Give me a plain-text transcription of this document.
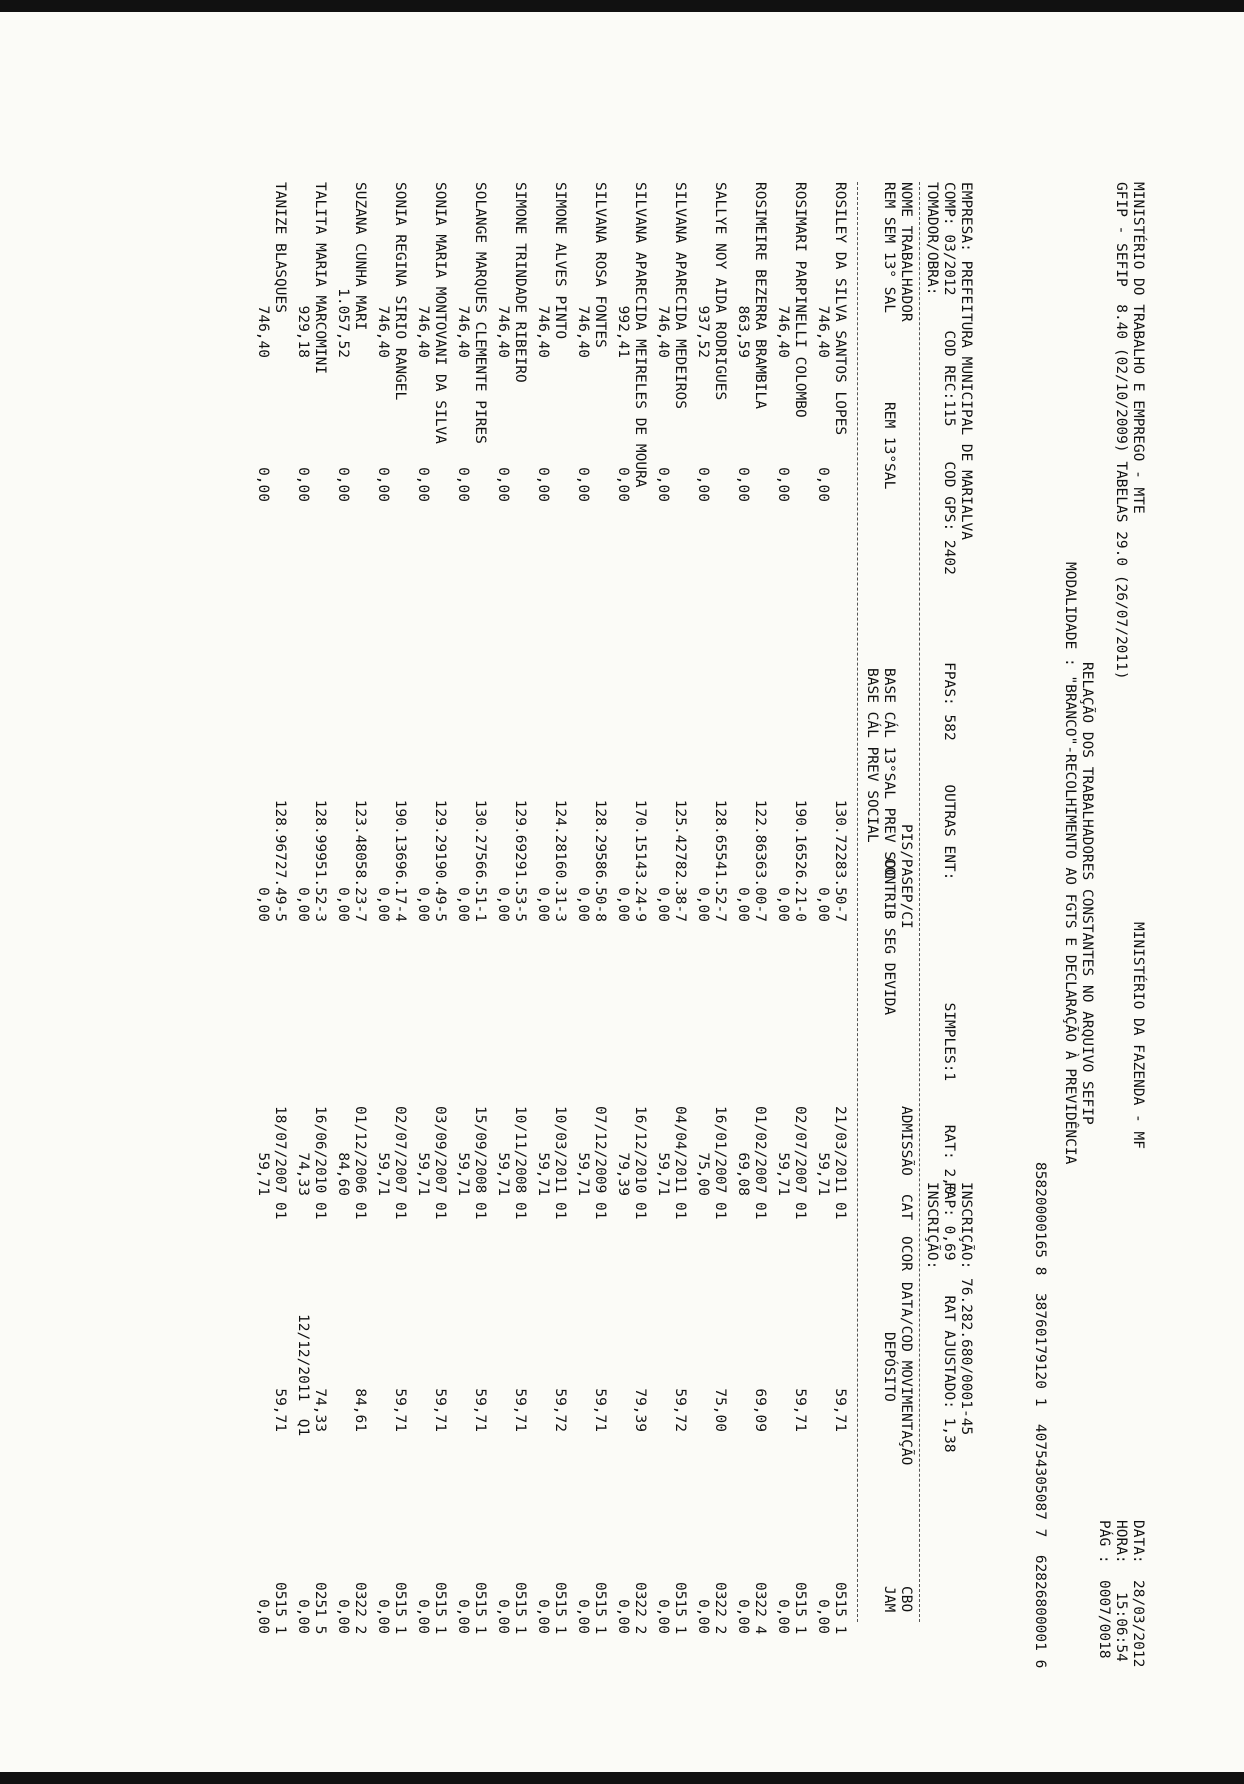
MINISTÉRIO DO TRABALHO E EMPREGO - MTE
GFIP - SEFIP  8.40 (02/10/2009) TABELAS 29.0 (26/07/2011)
MINISTÉRIO DA FAZENDA - MF
DATA:
28/03/2012
HORA:
15:06:54
PÁG :
0007/0018
RELAÇÃO DOS TRABALHADORES CONSTANTES NO ARQUIVO SEFIP
MODALIDADE : "BRANCO"-RECOLHIMENTO AO FGTS E DECLARAÇÃO À PREVIDÊNCIA
85820000165 8  38760179120 1  40754305087 7  62826800001 6
EMPRESA: PREFEITURA MUNICIPAL DE MARIALVA
INSCRIÇÃO: 76.282.680/0001-45
COMP: 03/2012    COD REC:115    COD GPS: 2402          FPAS: 582     OUTRAS ENT:              SIMPLES:1     RAT: 2,0
FAP: 0,69    RAT AJUSTADO: 1,38
TOMADOR/OBRA:
INSCRIÇÃO:
NOME TRABALHADOR
PIS/PASEP/CI
ADMISSÃO
CAT
OCOR
DATA/COD MOVIMENTAÇÃO
CBO
REM SEM 13° SAL
REM 13°SAL
BASE CÁL 13°SAL PREV SOC
CONTRIB SEG DEVIDA
DEPÓSITO
JAM
BASE CÁL PREV SOCIAL
ROSILEY DA SILVA SANTOS LOPES
746,40
0,00
130.72283.50-7
0,00
21/03/2011
59,71
01
59,71
0515 1
0,00
ROSIMARI PARPINELLI COLOMBO
746,40
0,00
190.16526.21-0
0,00
02/07/2007
59,71
01
59,71
0515 1
0,00
ROSIMEIRE BEZERRA BRAMBILA
863,59
0,00
122.86363.00-7
0,00
01/02/2007
69,08
01
69,09
0322 4
0,00
SALLYE NOY AIDA RODRIGUES
937,52
0,00
128.65541.52-7
0,00
16/01/2007
75,00
01
75,00
0322 2
0,00
SILVANA APARECIDA MEDEIROS
746,40
0,00
125.42782.38-7
0,00
04/04/2011
59,71
01
59,72
0515 1
0,00
SILVANA APARECIDA MEIRELES DE MOURA
992,41
0,00
170.15143.24-9
0,00
16/12/2010
79,39
01
79,39
0322 2
0,00
SILVANA ROSA FONTES
746,40
0,00
128.29586.50-8
0,00
07/12/2009
59,71
01
59,71
0515 1
0,00
SIMONE ALVES PINTO
746,40
0,00
124.28160.31-3
0,00
10/03/2011
59,71
01
59,72
0515 1
0,00
SIMONE TRINDADE RIBEIRO
746,40
0,00
129.69291.53-5
0,00
10/11/2008
59,71
01
59,71
0515 1
0,00
SOLANGE MARQUES CLEMENTE PIRES
746,40
0,00
130.27566.51-1
0,00
15/09/2008
59,71
01
59,71
0515 1
0,00
SONIA MARIA MONTOVANI DA SILVA
746,40
0,00
129.29190.49-5
0,00
03/09/2007
59,71
01
59,71
0515 1
0,00
SONIA REGINA SIRIO RANGEL
746,40
0,00
190.13696.17-4
0,00
02/07/2007
59,71
01
59,71
0515 1
0,00
SUZANA CUNHA MARI
1.057,52
0,00
123.48058.23-7
0,00
01/12/2006
84,60
01
84,61
0322 2
0,00
TALITA MARIA MARCOMINI
929,18
0,00
128.99951.52-3
0,00
16/06/2010
74,33
01
12/12/2011  Q1 74,33
0251 5
0,00
TANIZE BLASQUES
746,40
0,00
128.96727.49-5
0,00
18/07/2007
59,71
01
59,71
0515 1
0,00
